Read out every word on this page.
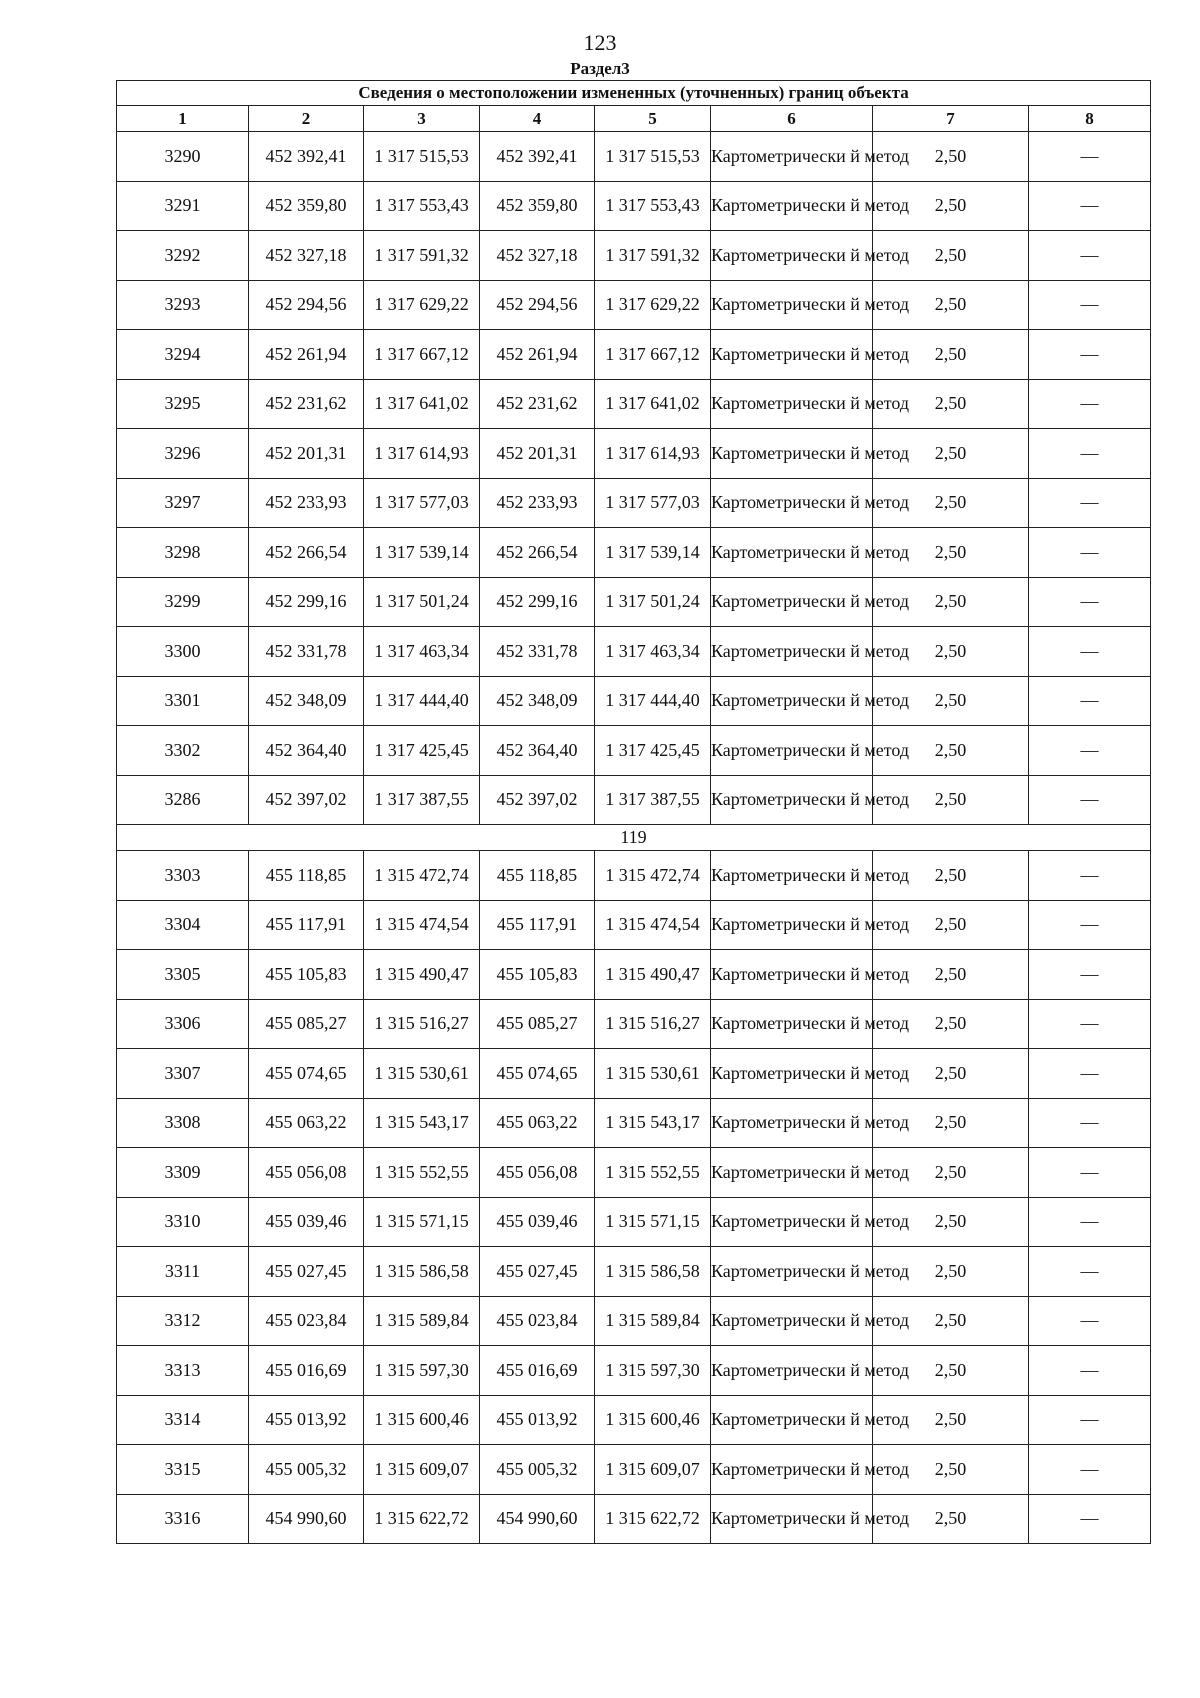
123
Раздел3
Сведения о местоположении измененных (уточненных) границ объекта							
1	2	3	4	5	6	7	8
3290	452 392,41	1 317 515,53	452 392,41	1 317 515,53	Картометрически й метод	2,50	—
3291	452 359,80	1 317 553,43	452 359,80	1 317 553,43	Картометрически й метод	2,50	—
3292	452 327,18	1 317 591,32	452 327,18	1 317 591,32	Картометрически й метод	2,50	—
3293	452 294,56	1 317 629,22	452 294,56	1 317 629,22	Картометрически й метод	2,50	—
3294	452 261,94	1 317 667,12	452 261,94	1 317 667,12	Картометрически й метод	2,50	—
3295	452 231,62	1 317 641,02	452 231,62	1 317 641,02	Картометрически й метод	2,50	—
3296	452 201,31	1 317 614,93	452 201,31	1 317 614,93	Картометрически й метод	2,50	—
3297	452 233,93	1 317 577,03	452 233,93	1 317 577,03	Картометрически й метод	2,50	—
3298	452 266,54	1 317 539,14	452 266,54	1 317 539,14	Картометрически й метод	2,50	—
3299	452 299,16	1 317 501,24	452 299,16	1 317 501,24	Картометрически й метод	2,50	—
3300	452 331,78	1 317 463,34	452 331,78	1 317 463,34	Картометрически й метод	2,50	—
3301	452 348,09	1 317 444,40	452 348,09	1 317 444,40	Картометрически й метод	2,50	—
3302	452 364,40	1 317 425,45	452 364,40	1 317 425,45	Картометрически й метод	2,50	—
3286	452 397,02	1 317 387,55	452 397,02	1 317 387,55	Картометрически й метод	2,50	—
119							
3303	455 118,85	1 315 472,74	455 118,85	1 315 472,74	Картометрически й метод	2,50	—
3304	455 117,91	1 315 474,54	455 117,91	1 315 474,54	Картометрически й метод	2,50	—
3305	455 105,83	1 315 490,47	455 105,83	1 315 490,47	Картометрически й метод	2,50	—
3306	455 085,27	1 315 516,27	455 085,27	1 315 516,27	Картометрически й метод	2,50	—
3307	455 074,65	1 315 530,61	455 074,65	1 315 530,61	Картометрически й метод	2,50	—
3308	455 063,22	1 315 543,17	455 063,22	1 315 543,17	Картометрически й метод	2,50	—
3309	455 056,08	1 315 552,55	455 056,08	1 315 552,55	Картометрически й метод	2,50	—
3310	455 039,46	1 315 571,15	455 039,46	1 315 571,15	Картометрически й метод	2,50	—
3311	455 027,45	1 315 586,58	455 027,45	1 315 586,58	Картометрически й метод	2,50	—
3312	455 023,84	1 315 589,84	455 023,84	1 315 589,84	Картометрически й метод	2,50	—
3313	455 016,69	1 315 597,30	455 016,69	1 315 597,30	Картометрически й метод	2,50	—
3314	455 013,92	1 315 600,46	455 013,92	1 315 600,46	Картометрически й метод	2,50	—
3315	455 005,32	1 315 609,07	455 005,32	1 315 609,07	Картометрически й метод	2,50	—
3316	454 990,60	1 315 622,72	454 990,60	1 315 622,72	Картометрически й метод	2,50	—
